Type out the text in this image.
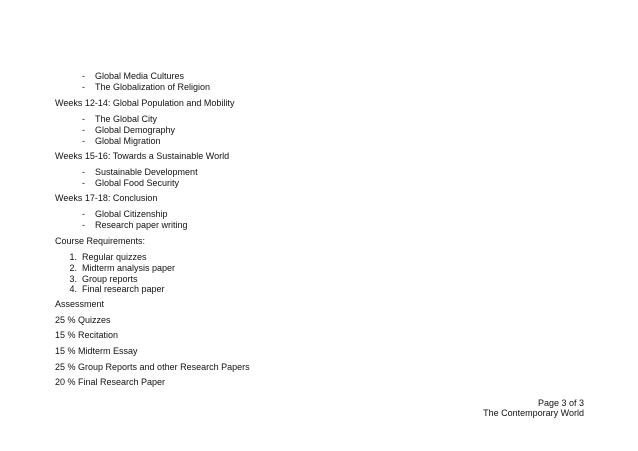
- Global Media Cultures
- The Globalization of Religion
Weeks 12-14: Global Population and Mobility
- The Global City
- Global Demography
- Global Migration
Weeks 15-16: Towards a Sustainable World
- Sustainable Development
- Global Food Security
Weeks 17-18: Conclusion
- Global Citizenship
- Research paper writing
Course Requirements:
1. Regular quizzes
2. Midterm analysis paper
3. Group reports
4. Final research paper
Assessment
25 % Quizzes
15 % Recitation
15 % Midterm Essay
25 % Group Reports and other Research Papers
20 % Final Research Paper
Page 3 of 3
The Contemporary World
